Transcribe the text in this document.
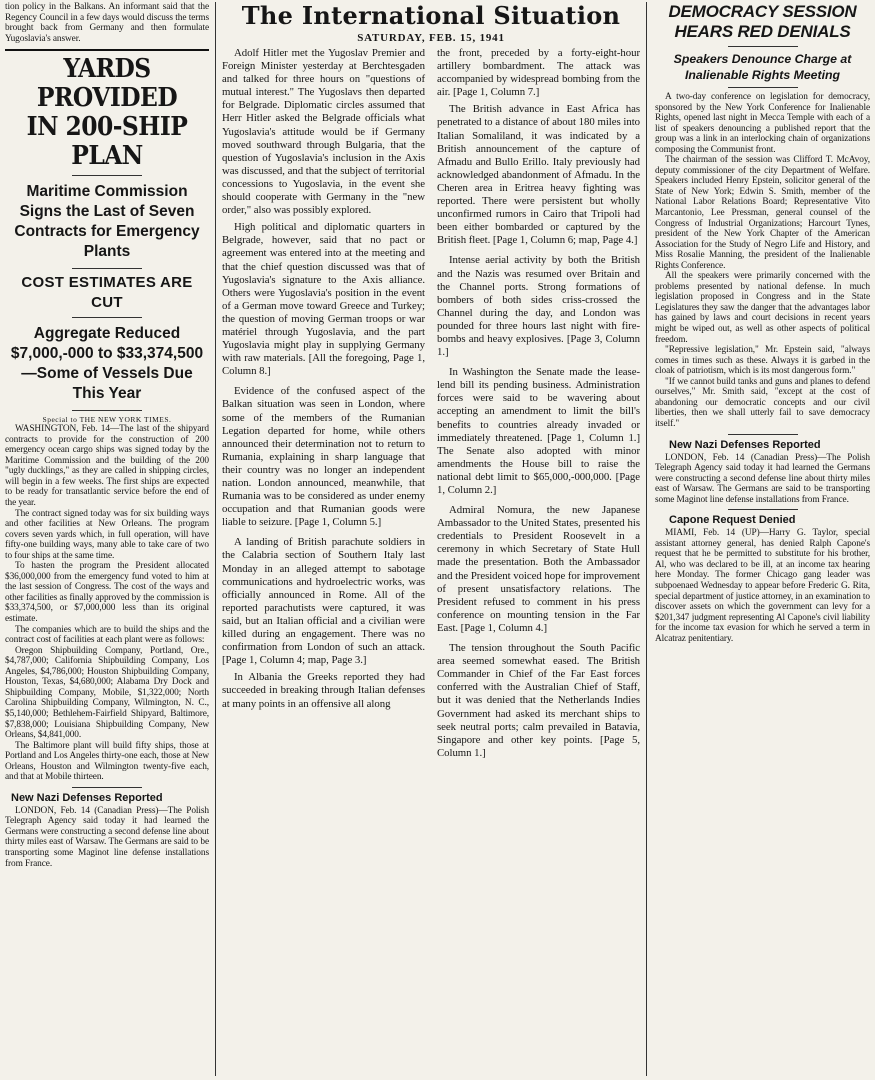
tion policy in the Balkans. An informant said that the Regency Council in a few days would discuss the terms brought back from Germany and then formulate Yugoslavia's answer.

YARDS PROVIDED
IN 200-SHIP PLAN
Maritime Commission Signs the Last of Seven Contracts for Emergency Plants
COST ESTIMATES ARE CUT
Aggregate Reduced $7,000,-000 to $33,374,500—Some of Vessels Due This Year
Special to THE NEW YORK TIMES.

WASHINGTON, Feb. 14—The last of the shipyard contracts to provide for the construction of 200 emergency ocean cargo ships was signed today by the Maritime Commission and the building of the 200 "ugly ducklings," as they are called in shipping circles, will begin in a few weeks. The first ships are expected to be ready for transatlantic service before the end of the year.

The contract signed today was for six building ways and other facilities at New Orleans. The program covers seven yards which, in full operation, will have fifty-one building ways, many able to take care of two to four ships at the same time.

To hasten the program the President allocated $36,000,000 from the emergency fund voted to him at the last session of Congress. The cost of the ways and other facilities as finally approved by the commission is $33,374,500, or $7,000,000 less than its original estimate.

The companies which are to build the ships and the contract cost of facilities at each plant were as follows:

Oregon Shipbuilding Company, Portland, Ore., $4,787,000; California Shipbuilding Company, Los Angeles, $4,786,000; Houston Shipbuilding Company, Houston, Texas, $4,680,000; Alabama Dry Dock and Shipbuilding Company, Mobile, $1,322,000; North Carolina Shipbuilding Company, Wilmington, N. C., $5,140,000; Bethlehem-Fairfield Shipyard, Baltimore, $7,838,000; Louisiana Shipbuilding Company, New Orleans, $4,841,000.

The Baltimore plant will build fifty ships, those at Portland and Los Angeles thirty-one each, those at New Orleans, Houston and Wilmington twenty-five each, and that at Mobile thirteen.

New Nazi Defenses Reported

LONDON, Feb. 14 (Canadian Press)—The Polish Telegraph Agency said today it had learned the Germans were constructing a second defense line about thirty miles east of Warsaw. The Germans are said to be transporting some Maginot line defense installations from France.

The International Situation
SATURDAY, FEB. 15, 1941

Adolf Hitler met the Yugoslav Premier and Foreign Minister yesterday at Berchtesgaden and talked for three hours on "questions of mutual interest." The Yugoslavs then departed for Belgrade. Diplomatic circles assumed that Herr Hitler asked the Belgrade officials what Yugoslavia's attitude would be if Germany moved southward through Bulgaria, that the question of Yugoslavia's inclusion in the Axis was discussed, and that the subject of territorial concessions to Yugoslavia, in the event she should cooperate with Germany in the "new order," also was possibly explored.

High political and diplomatic quarters in Belgrade, however, said that no pact or agreement was entered into at the meeting and that the chief question discussed was that of Yugoslavia's signature to the Axis alliance. Others were Yugoslavia's position in the event of a German move toward Greece and Turkey; the question of moving German troops or war matériel through Yugoslavia, and the part Yugoslavia might play in supplying Germany with raw materials. [All the foregoing, Page 1, Column 8.]

Evidence of the confused aspect of the Balkan situation was seen in London, where some of the members of the Rumanian Legation departed for home, while others announced their determination not to return to Rumania, explaining in sharp language that their country was no longer an independent nation. London announced, meanwhile, that Rumania was to be considered as under enemy occupation and that Rumanian goods were liable to seizure. [Page 1, Column 5.]

A landing of British parachute soldiers in the Calabria section of Southern Italy last Monday in an alleged attempt to sabotage communications and hydroelectric works, was officially announced in Rome. All of the reported parachutists were captured, it was said, but an Italian official and a civilian were killed during an engagement. There was no confirmation from London of such an attack. [Page 1, Column 4; map, Page 3.]

In Albania the Greeks reported they had succeeded in breaking through Italian defenses at many points in an offensive all along

the front, preceded by a forty-eight-hour artillery bombardment. The attack was accompanied by widespread bombing from the air. [Page 1, Column 7.]

The British advance in East Africa has penetrated to a distance of about 180 miles into Italian Somaliland, it was indicated by a British announcement of the capture of Afmadu and Bullo Erillo. Italy previously had acknowledged abandonment of Afmadu. In the Cheren area in Eritrea heavy fighting was reported. There were persistent but wholly unconfirmed rumors in Cairo that Tripoli had been either bombarded or captured by the British fleet. [Page 1, Column 6; map, Page 4.]

Intense aerial activity by both the British and the Nazis was resumed over Britain and the Channel ports. Strong formations of bombers of both sides criss-crossed the Channel during the day, and London was pounded for three hours last night with fire-bombs and heavy explosives. [Page 3, Column 1.]

In Washington the Senate made the lease-lend bill its pending business. Administration forces were said to be wavering about accepting an amendment to limit the bill's benefits to countries already invaded or immediately threatened. [Page 1, Column 1.] The Senate also adopted with minor amendments the House bill to raise the national debt limit to $65,000,-000,000. [Page 1, Column 2.]

Admiral Nomura, the new Japanese Ambassador to the United States, presented his credentials to President Roosevelt in a ceremony in which Secretary of State Hull made the presentation. Both the Ambassador and the President voiced hope for improvement of present unsatisfactory relations. The President refused to comment in his press conference on mounting tension in the Far East. [Page 1, Column 4.]

The tension throughout the South Pacific area seemed somewhat eased. The British Commander in Chief of the Far East forces conferred with the Australian Chief of Staff, but it was denied that the Netherlands Indies Government had asked its merchant ships to seek neutral ports; calm prevailed in Batavia, Singapore and other key points. [Page 5, Column 1.]

DEMOCRACY SESSION
HEARS RED DENIALS
Speakers Denounce Charge at Inalienable Rights Meeting

A two-day conference on legislation for democracy, sponsored by the New York Conference for Inalienable Rights, opened last night in Mecca Temple with each of a list of speakers denouncing a published report that the group was a link in an interlocking chain of organizations composing the Communist front.

The chairman of the session was Clifford T. McAvoy, deputy commissioner of the city Department of Welfare. Speakers included Henry Epstein, solicitor general of the State of New York; Edwin S. Smith, member of the National Labor Relations Board; Representative Vito Marcantonio, Lee Pressman, general counsel of the Congress of Industrial Organizations; Harcourt Tynes, president of the New York Chapter of the American Association for the Study of Negro Life and History, and Miss Rosalie Manning, the president of the Inalienable Rights Conference.

All the speakers were primarily concerned with the problems presented by national defense. In much legislation proposed in Congress and in the State Legislatures they saw the danger that the advantages labor has gained by laws and court decisions in recent years might be wiped out, as well as other aspects of political freedom.

"Repressive legislation," Mr. Epstein said, "always comes in times such as these. Always it is garbed in the cloak of patriotism, which is its most dangerous form."

"If we cannot build tanks and guns and planes to defend ourselves," Mr. Smith said, "except at the cost of abandoning our democratic concepts and our civil liberties, then we shall utterly fail to save democracy itself."

New Nazi Defenses Reported

LONDON, Feb. 14 (Canadian Press)—The Polish Telegraph Agency said today it had learned the Germans were constructing a second defense line about thirty miles east of Warsaw. The Germans are said to be transporting some Maginot line defense installations from France.

Capone Request Denied

MIAMI, Feb. 14 (UP)—Harry G. Taylor, special assistant attorney general, has denied Ralph Capone's request that he be permitted to substitute for his brother, Al, who was declared to be ill, at an income tax hearing here Monday. The former Chicago gang leader was subpoenaed Wednesday to appear before Frederic G. Rita, special department of justice attorney, in an examination to discover assets on which the government can levy for a $201,347 judgment representing Al Capone's civil liability for the income tax evasion for which he served a term in Alcatraz penitentiary.
